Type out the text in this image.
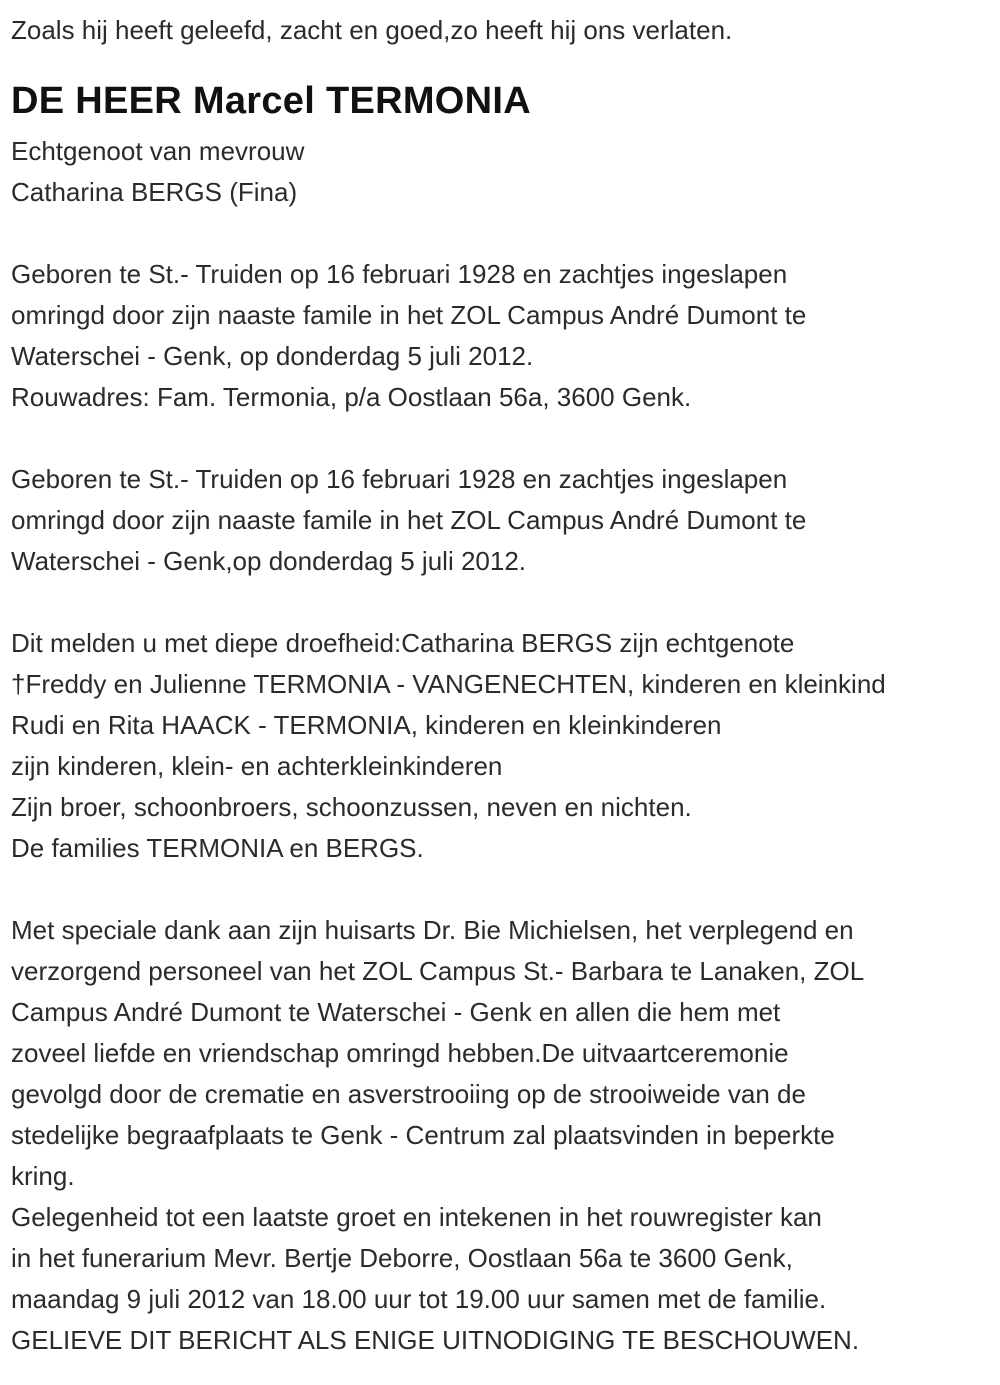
Zoals hij heeft geleefd, zacht en goed,zo heeft hij ons verlaten.

DE HEER Marcel TERMONIA
Echtgenoot van mevrouw
Catharina BERGS (Fina)
Geboren te St.- Truiden op 16 februari 1928 en zachtjes ingeslapen
omringd door zijn naaste famile in het ZOL Campus André Dumont te
Waterschei - Genk, op donderdag 5 juli 2012.
Rouwadres: Fam. Termonia, p/a Oostlaan 56a, 3600 Genk.
Geboren te St.- Truiden op 16 februari 1928 en zachtjes ingeslapen
omringd door zijn naaste famile in het ZOL Campus André Dumont te
Waterschei - Genk,op donderdag 5 juli 2012.
Dit melden u met diepe droefheid:Catharina BERGS zijn echtgenote
†Freddy en Julienne TERMONIA - VANGENECHTEN, kinderen en kleinkind
Rudi en Rita HAACK - TERMONIA, kinderen en kleinkinderen
zijn kinderen, klein- en achterkleinkinderen
Zijn broer, schoonbroers, schoonzussen, neven en nichten.
De families TERMONIA en BERGS.
Met speciale dank aan zijn huisarts Dr. Bie Michielsen, het verplegend en
verzorgend personeel van het ZOL Campus St.- Barbara te Lanaken, ZOL
Campus André Dumont te Waterschei - Genk en allen die hem met
zoveel liefde en vriendschap omringd hebben.De uitvaartceremonie
gevolgd door de crematie en asverstrooiing op de strooiweide van de
stedelijke begraafplaats te Genk - Centrum zal plaatsvinden in beperkte
kring.
Gelegenheid tot een laatste groet en intekenen in het rouwregister kan
in het funerarium Mevr. Bertje Deborre, Oostlaan 56a te 3600 Genk,
maandag 9 juli 2012 van 18.00 uur tot 19.00 uur samen met de familie.

GELIEVE DIT BERICHT ALS ENIGE UITNODIGING TE BESCHOUWEN.
